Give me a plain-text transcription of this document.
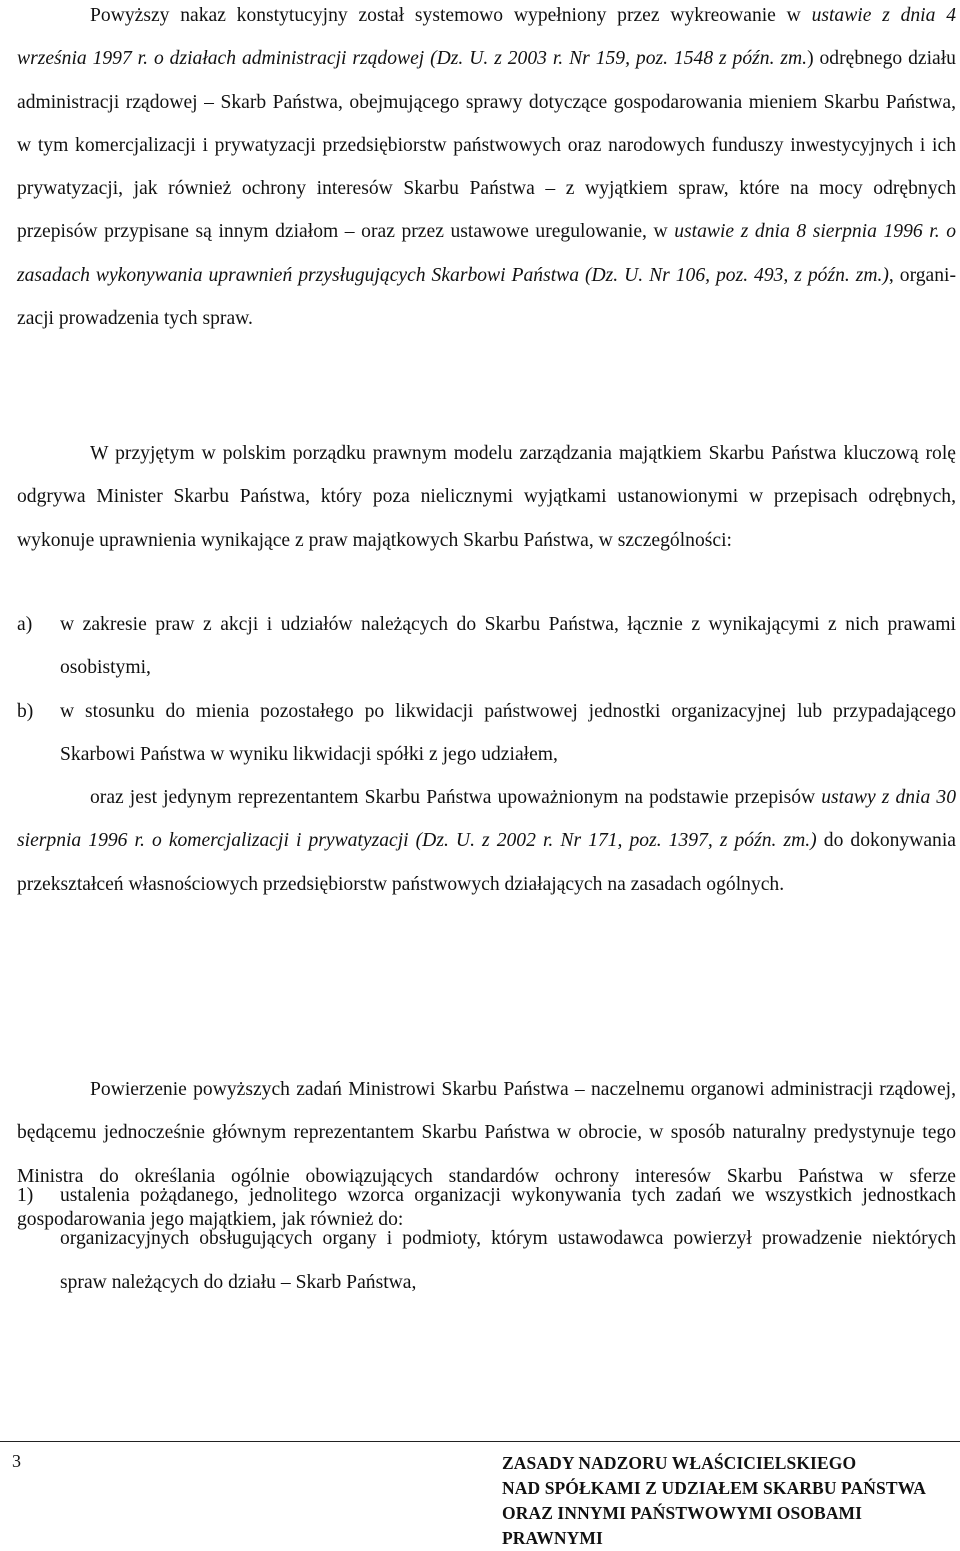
Powyższy nakaz konstytucyjny został systemowo wypełniony przez wykreowanie w ustawie z dnia 4 września 1997 r. o działach administracji rządowej (Dz. U. z 2003 r. Nr 159, poz. 1548 z późn. zm.) odrębnego działu administracji rządowej – Skarb Państwa, obejmującego sprawy dotyczące gospodarowania mieniem Skarbu Państwa, w tym komercjalizacji i prywatyzacji przedsiębiorstw państwowych oraz narodowych funduszy inwestycyjnych i ich prywatyzacji, jak również ochrony interesów Skarbu Państwa – z wyjątkiem spraw, które na mocy odrębnych przepisów przypisane są innym działom – oraz przez ustawowe uregulowanie, w ustawie z dnia 8 sierpnia 1996 r. o zasadach wykonywania uprawnień przysługujących Skarbowi Państwa (Dz. U. Nr 106, poz. 493, z późn. zm.), organizacji prowadzenia tych spraw.

W przyjętym w polskim porządku prawnym modelu zarządzania majątkiem Skarbu Państwa kluczową rolę odgrywa Minister Skarbu Państwa, który poza nielicznymi wyjątkami ustanowionymi w przepisach odrębnych, wykonuje uprawnienia wynikające z praw majątkowych Skarbu Państwa, w szczególności:

a)	w zakresie praw z akcji i udziałów należących do Skarbu Państwa, łącznie z wynikającymi z nich prawami osobistymi,
b)	w stosunku do mienia pozostałego po likwidacji państwowej jednostki organizacyjnej lub przypadającego Skarbowi Państwa w wyniku likwidacji spółki z jego udziałem,

oraz jest jedynym reprezentantem Skarbu Państwa upoważnionym na podstawie przepisów ustawy z dnia 30 sierpnia 1996 r. o komercjalizacji i prywatyzacji (Dz. U. z 2002 r. Nr 171, poz. 1397, z późn. zm.) do dokonywania przekształceń własnościowych przedsiębiorstw państwowych działających na zasadach ogólnych.

Powierzenie powyższych zadań Ministrowi Skarbu Państwa – naczelnemu organowi administracji rządowej, będącemu jednocześnie głównym reprezentantem Skarbu Państwa w obrocie, w sposób naturalny predystynuje tego Ministra do określania ogólnie obowiązujących standardów ochrony interesów Skarbu Państwa w sferze gospodarowania jego majątkiem, jak również do:

1)	ustalenia pożądanego, jednolitego wzorca organizacji wykonywania tych zadań we wszystkich jednostkach organizacyjnych obsługujących organy i podmioty, którym ustawodawca powierzył prowadzenie niektórych spraw należących do działu – Skarb Państwa,
3	ZASADY NADZORU WŁAŚCICIELSKIEGO
NAD SPÓŁKAMI Z UDZIAŁEM SKARBU PAŃSTWA
ORAZ INNYMI PAŃSTWOWYMI OSOBAMI PRAWNYMI
